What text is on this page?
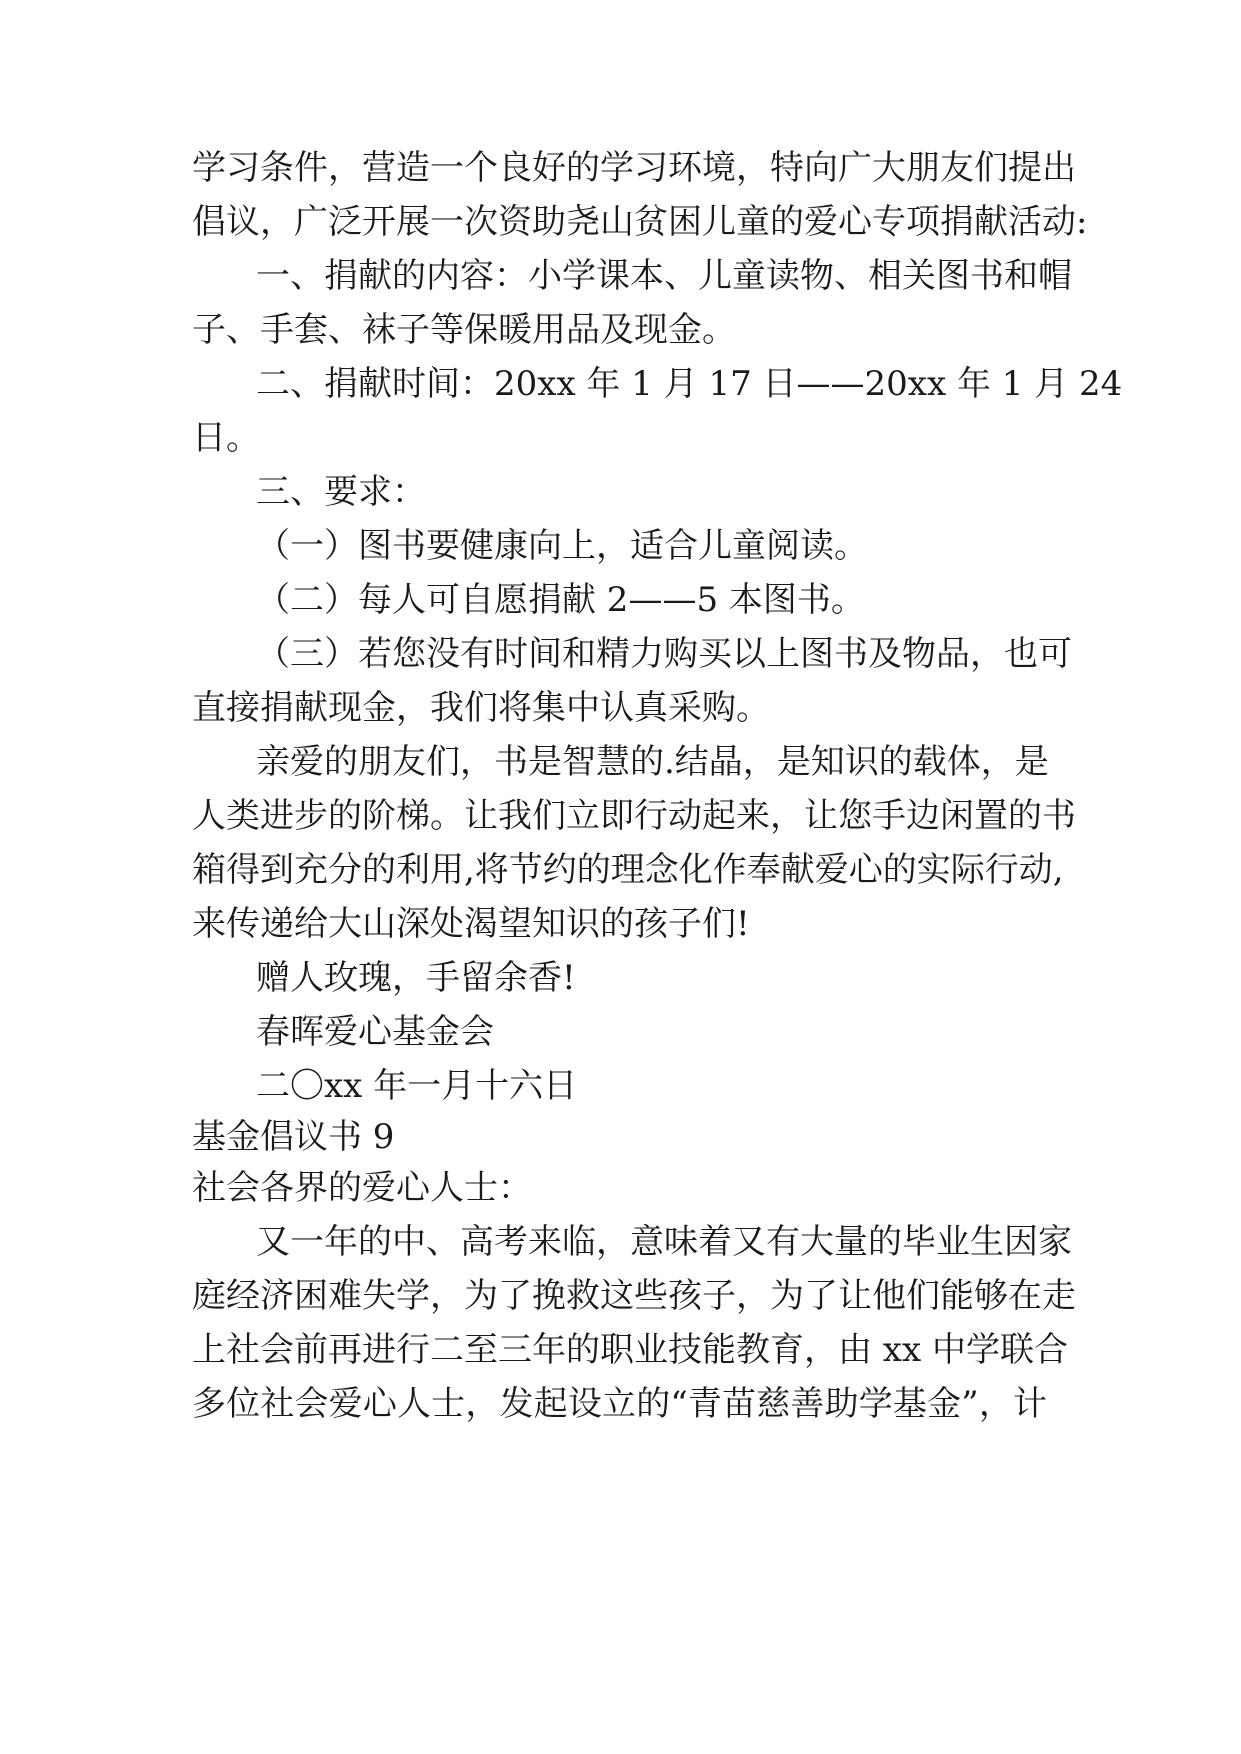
学习条件，营造一个良好的学习环境，特向广大朋友们提出
倡议，广泛开展一次资助尧山贫困儿童的爱心专项捐献活动:
一、捐献的内容：小学课本、儿童读物、相关图书和帽
子、手套、袜子等保暖用品及现金。
二、捐献时间：20xx 年 1 月 17 日——20xx 年 1 月 24
日。
三、要求：
（一）图书要健康向上，适合儿童阅读。
（二）每人可自愿捐献 2——5 本图书。
（三）若您没有时间和精力购买以上图书及物品，也可
直接捐献现金，我们将集中认真采购。
亲爱的朋友们，书是智慧的.结晶，是知识的载体，是
人类进步的阶梯。让我们立即行动起来，让您手边闲置的书
箱得到充分的利用,将节约的理念化作奉献爱心的实际行动,
来传递给大山深处渴望知识的孩子们!
赠人玫瑰，手留余香!
春晖爱心基金会
二〇xx 年一月十六日
基金倡议书 9
社会各界的爱心人士：
又一年的中、高考来临，意味着又有大量的毕业生因家
庭经济困难失学，为了挽救这些孩子，为了让他们能够在走
上社会前再进行二至三年的职业技能教育，由 xx 中学联合
多位社会爱心人士，发起设立的“青苗慈善助学基金”，计
